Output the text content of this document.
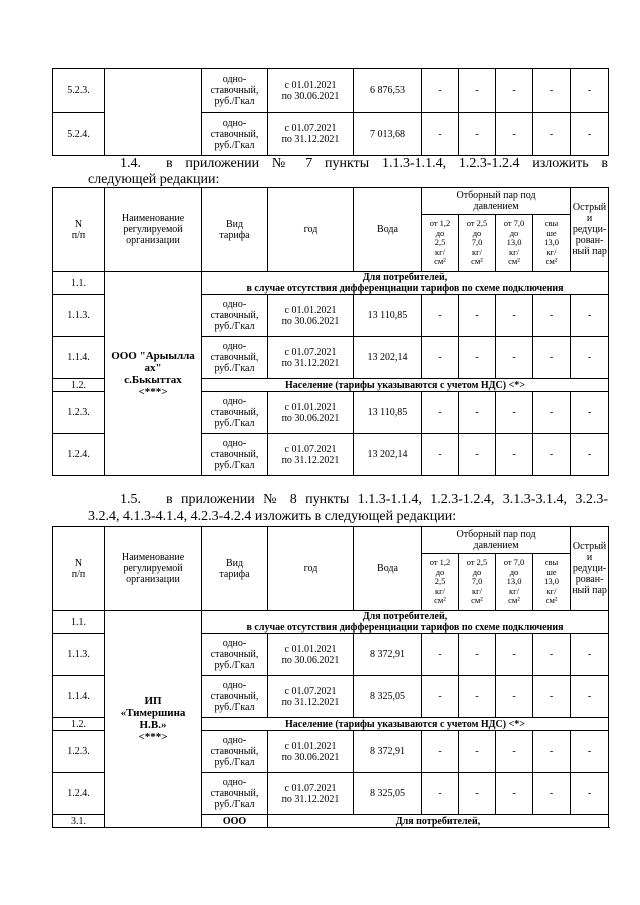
5.2.3.		одно-
ставочный,
руб./Гкал	с 01.01.2021
по 30.06.2021	6 876,53	-	-	-	-	-
5.2.4.		одно-
ставочный,
руб./Гкал	с 01.07.2021
по 31.12.2021	7 013,68	-	-	-	-	-
1.4. в приложении № 7 пункты 1.1.3-1.1.4, 1.2.3-1.2.4 изложить в
следующей редакции:
N
п/п	Наименование
регулируемой
организации	Вид
тарифа	год	Вода	Отборный пар под
давлением				Острый
и
редуци-
рован-
ный пар
					от 1,2
до
2,5
кг/
см²	от 2,5
до
7,0
кг/
см²	от 7,0
до
13,0
кг/
см²	свы
ше
13,0
кг/
см²	
1.1.	ООО "Арыылла
ах"
с.Бькыттах
<***>	Для потребителей,
в случае отсутствия дифференциации тарифов по схеме подключения							
1.1.3.		одно-
ставочный,
руб./Гкал	с 01.01.2021
по 30.06.2021	13 110,85	-	-	-	-	-
1.1.4.		одно-
ставочный,
руб./Гкал	с 01.07.2021
по 31.12.2021	13 202,14	-	-	-	-	-
1.2.		Население (тарифы указываются с учетом НДС) <*>							
1.2.3.		одно-
ставочный,
руб./Гкал	с 01.01.2021
по 30.06.2021	13 110,85	-	-	-	-	-
1.2.4.		одно-
ставочный,
руб./Гкал	с 01.07.2021
по 31.12.2021	13 202,14	-	-	-	-	-
1.5. в приложении № 8 пункты 1.1.3-1.1.4, 1.2.3-1.2.4, 3.1.3-3.1.4, 3.2.3-
3.2.4, 4.1.3-4.1.4, 4.2.3-4.2.4 изложить в следующей редакции:
N
п/п	Наименование
регулируемой
организации	Вид
тарифа	год	Вода	Отборный пар под
давлением				Острый
и
редуци-
рован-
ный пар
					от 1,2
до
2,5
кг/
см²	от 2,5
до
7,0
кг/
см²	от 7,0
до
13,0
кг/
см²	свы
ше
13,0
кг/
см²	
1.1.	ИП
«Тимершина
Н.В.»
<***>	Для потребителей,
в случае отсутствия дифференциации тарифов по схеме подключения							
1.1.3.		одно-
ставочный,
руб./Гкал	с 01.01.2021
по 30.06.2021	8 372,91	-	-	-	-	-
1.1.4.		одно-
ставочный,
руб./Гкал	с 01.07.2021
по 31.12.2021	8 325,05	-	-	-	-	-
1.2.		Население (тарифы указываются с учетом НДС) <*>							
1.2.3.		одно-
ставочный,
руб./Гкал	с 01.01.2021
по 30.06.2021	8 372,91	-	-	-	-	-
1.2.4.		одно-
ставочный,
руб./Гкал	с 01.07.2021
по 31.12.2021	8 325,05	-	-	-	-	-
3.1.		ООО	Для потребителей,						
